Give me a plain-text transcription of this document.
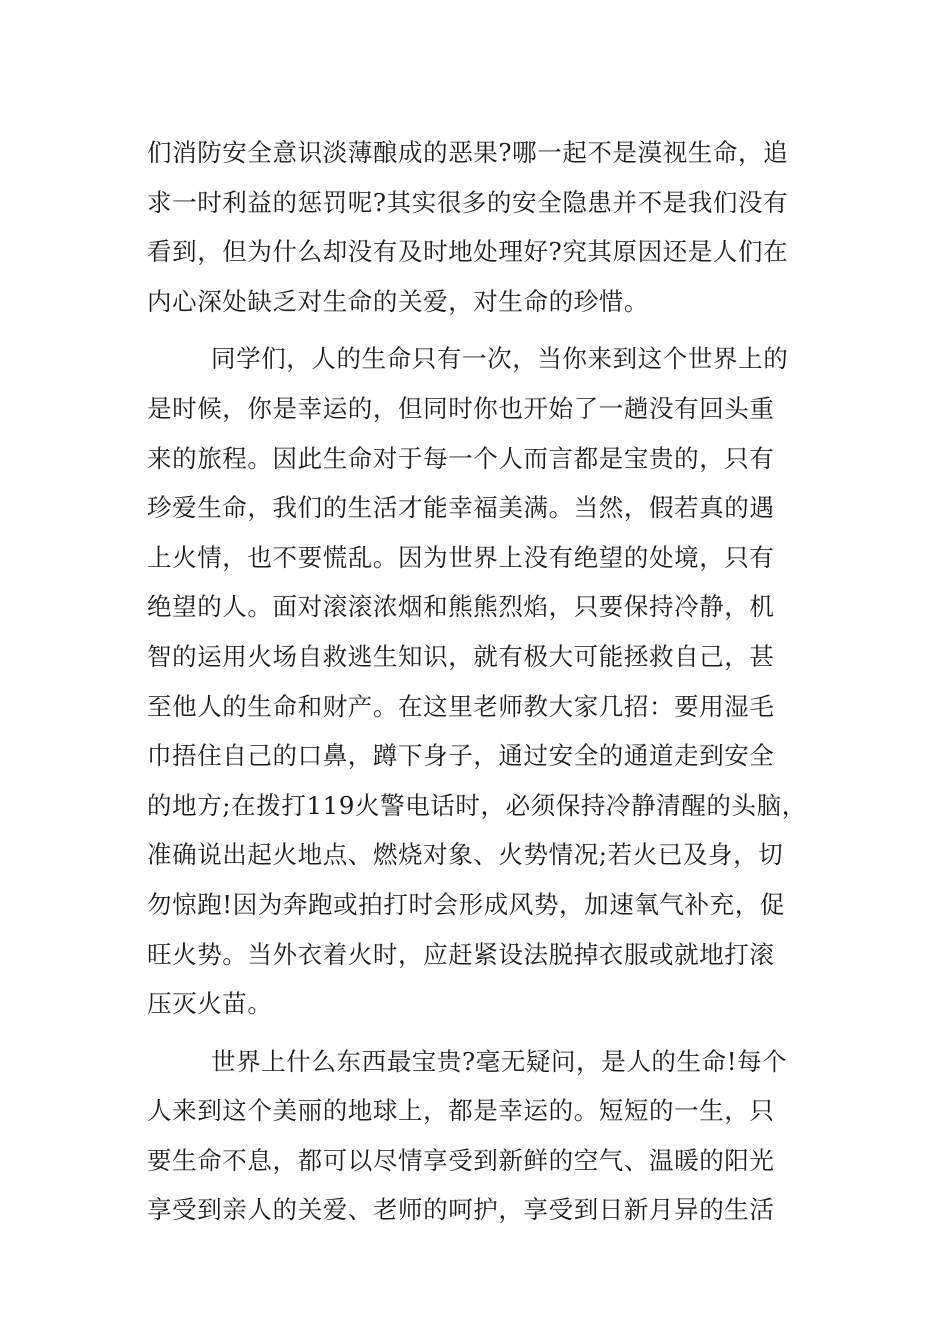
们消防安全意识淡薄酿成的恶果?哪一起不是漠视生命，追
求一时利益的惩罚呢?其实很多的安全隐患并不是我们没有
看到，但为什么却没有及时地处理好?究其原因还是人们在
内心深处缺乏对生命的关爱，对生命的珍惜。
同学们，人的生命只有一次，当你来到这个世界上的
是时候，你是幸运的，但同时你也开始了一趟没有回头重
来的旅程。因此生命对于每一个人而言都是宝贵的，只有
珍爱生命，我们的生活才能幸福美满。当然，假若真的遇
上火情，也不要慌乱。因为世界上没有绝望的处境，只有
绝望的人。面对滚滚浓烟和熊熊烈焰，只要保持冷静，机
智的运用火场自救逃生知识，就有极大可能拯救自己，甚
至他人的生命和财产。在这里老师教大家几招：要用湿毛
巾捂住自己的口鼻，蹲下身子，通过安全的通道走到安全
的地方;在拨打119火警电话时，必须保持冷静清醒的头脑，
准确说出起火地点、燃烧对象、火势情况;若火已及身，切
勿惊跑!因为奔跑或拍打时会形成风势，加速氧气补充，促
旺火势。当外衣着火时，应赶紧设法脱掉衣服或就地打滚
压灭火苗。
世界上什么东西最宝贵?毫无疑问，是人的生命!每个
人来到这个美丽的地球上，都是幸运的。短短的一生，只
要生命不息，都可以尽情享受到新鲜的空气、温暖的阳光
享受到亲人的关爱、老师的呵护，享受到日新月异的生活
